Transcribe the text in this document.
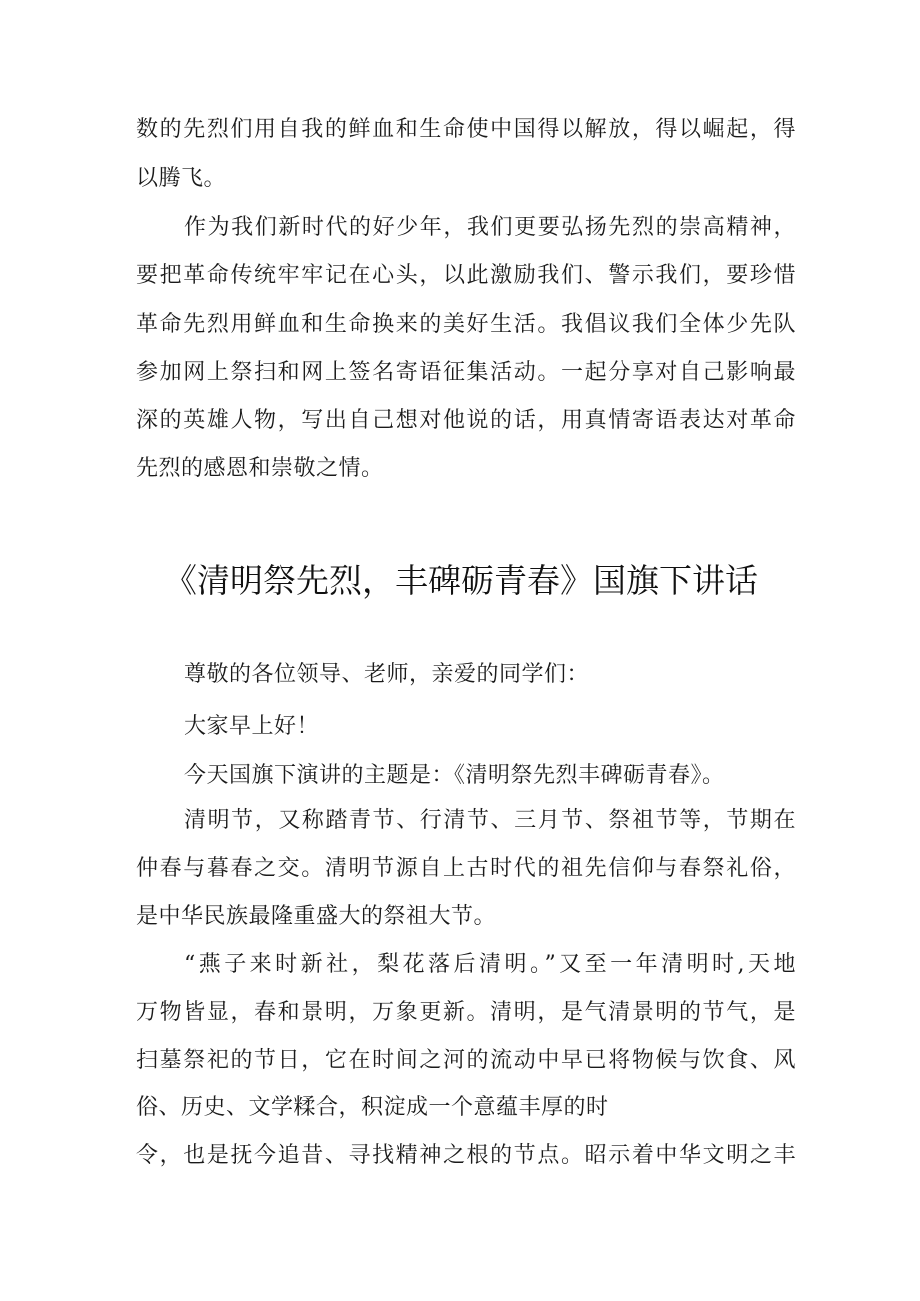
数的先烈们用自我的鲜血和生命使中国得以解放，得以崛起，得
以腾飞。
作为我们新时代的好少年，我们更要弘扬先烈的崇高精神，
要把革命传统牢牢记在心头，以此激励我们、警示我们，要珍惜
革命先烈用鲜血和生命换来的美好生活。我倡议我们全体少先队
参加网上祭扫和网上签名寄语征集活动。一起分享对自己影响最
深的英雄人物，写出自己想对他说的话，用真情寄语表达对革命
先烈的感恩和崇敬之情。
《清明祭先烈，丰碑砺青春》国旗下讲话
尊敬的各位领导、老师，亲爱的同学们：
大家早上好！
今天国旗下演讲的主题是：《清明祭先烈丰碑砺青春》。
清明节，又称踏青节、行清节、三月节、祭祖节等，节期在
仲春与暮春之交。清明节源自上古时代的祖先信仰与春祭礼俗，
是中华民族最隆重盛大的祭祖大节。
“燕子来时新社，梨花落后清明。”又至一年清明时,天地
万物皆显，春和景明，万象更新。清明，是气清景明的节气，是
扫墓祭祀的节日，它在时间之河的流动中早已将物候与饮食、风
俗、历史、文学糅合，积淀成一个意蕴丰厚的时
令，也是抚今追昔、寻找精神之根的节点。昭示着中华文明之丰
